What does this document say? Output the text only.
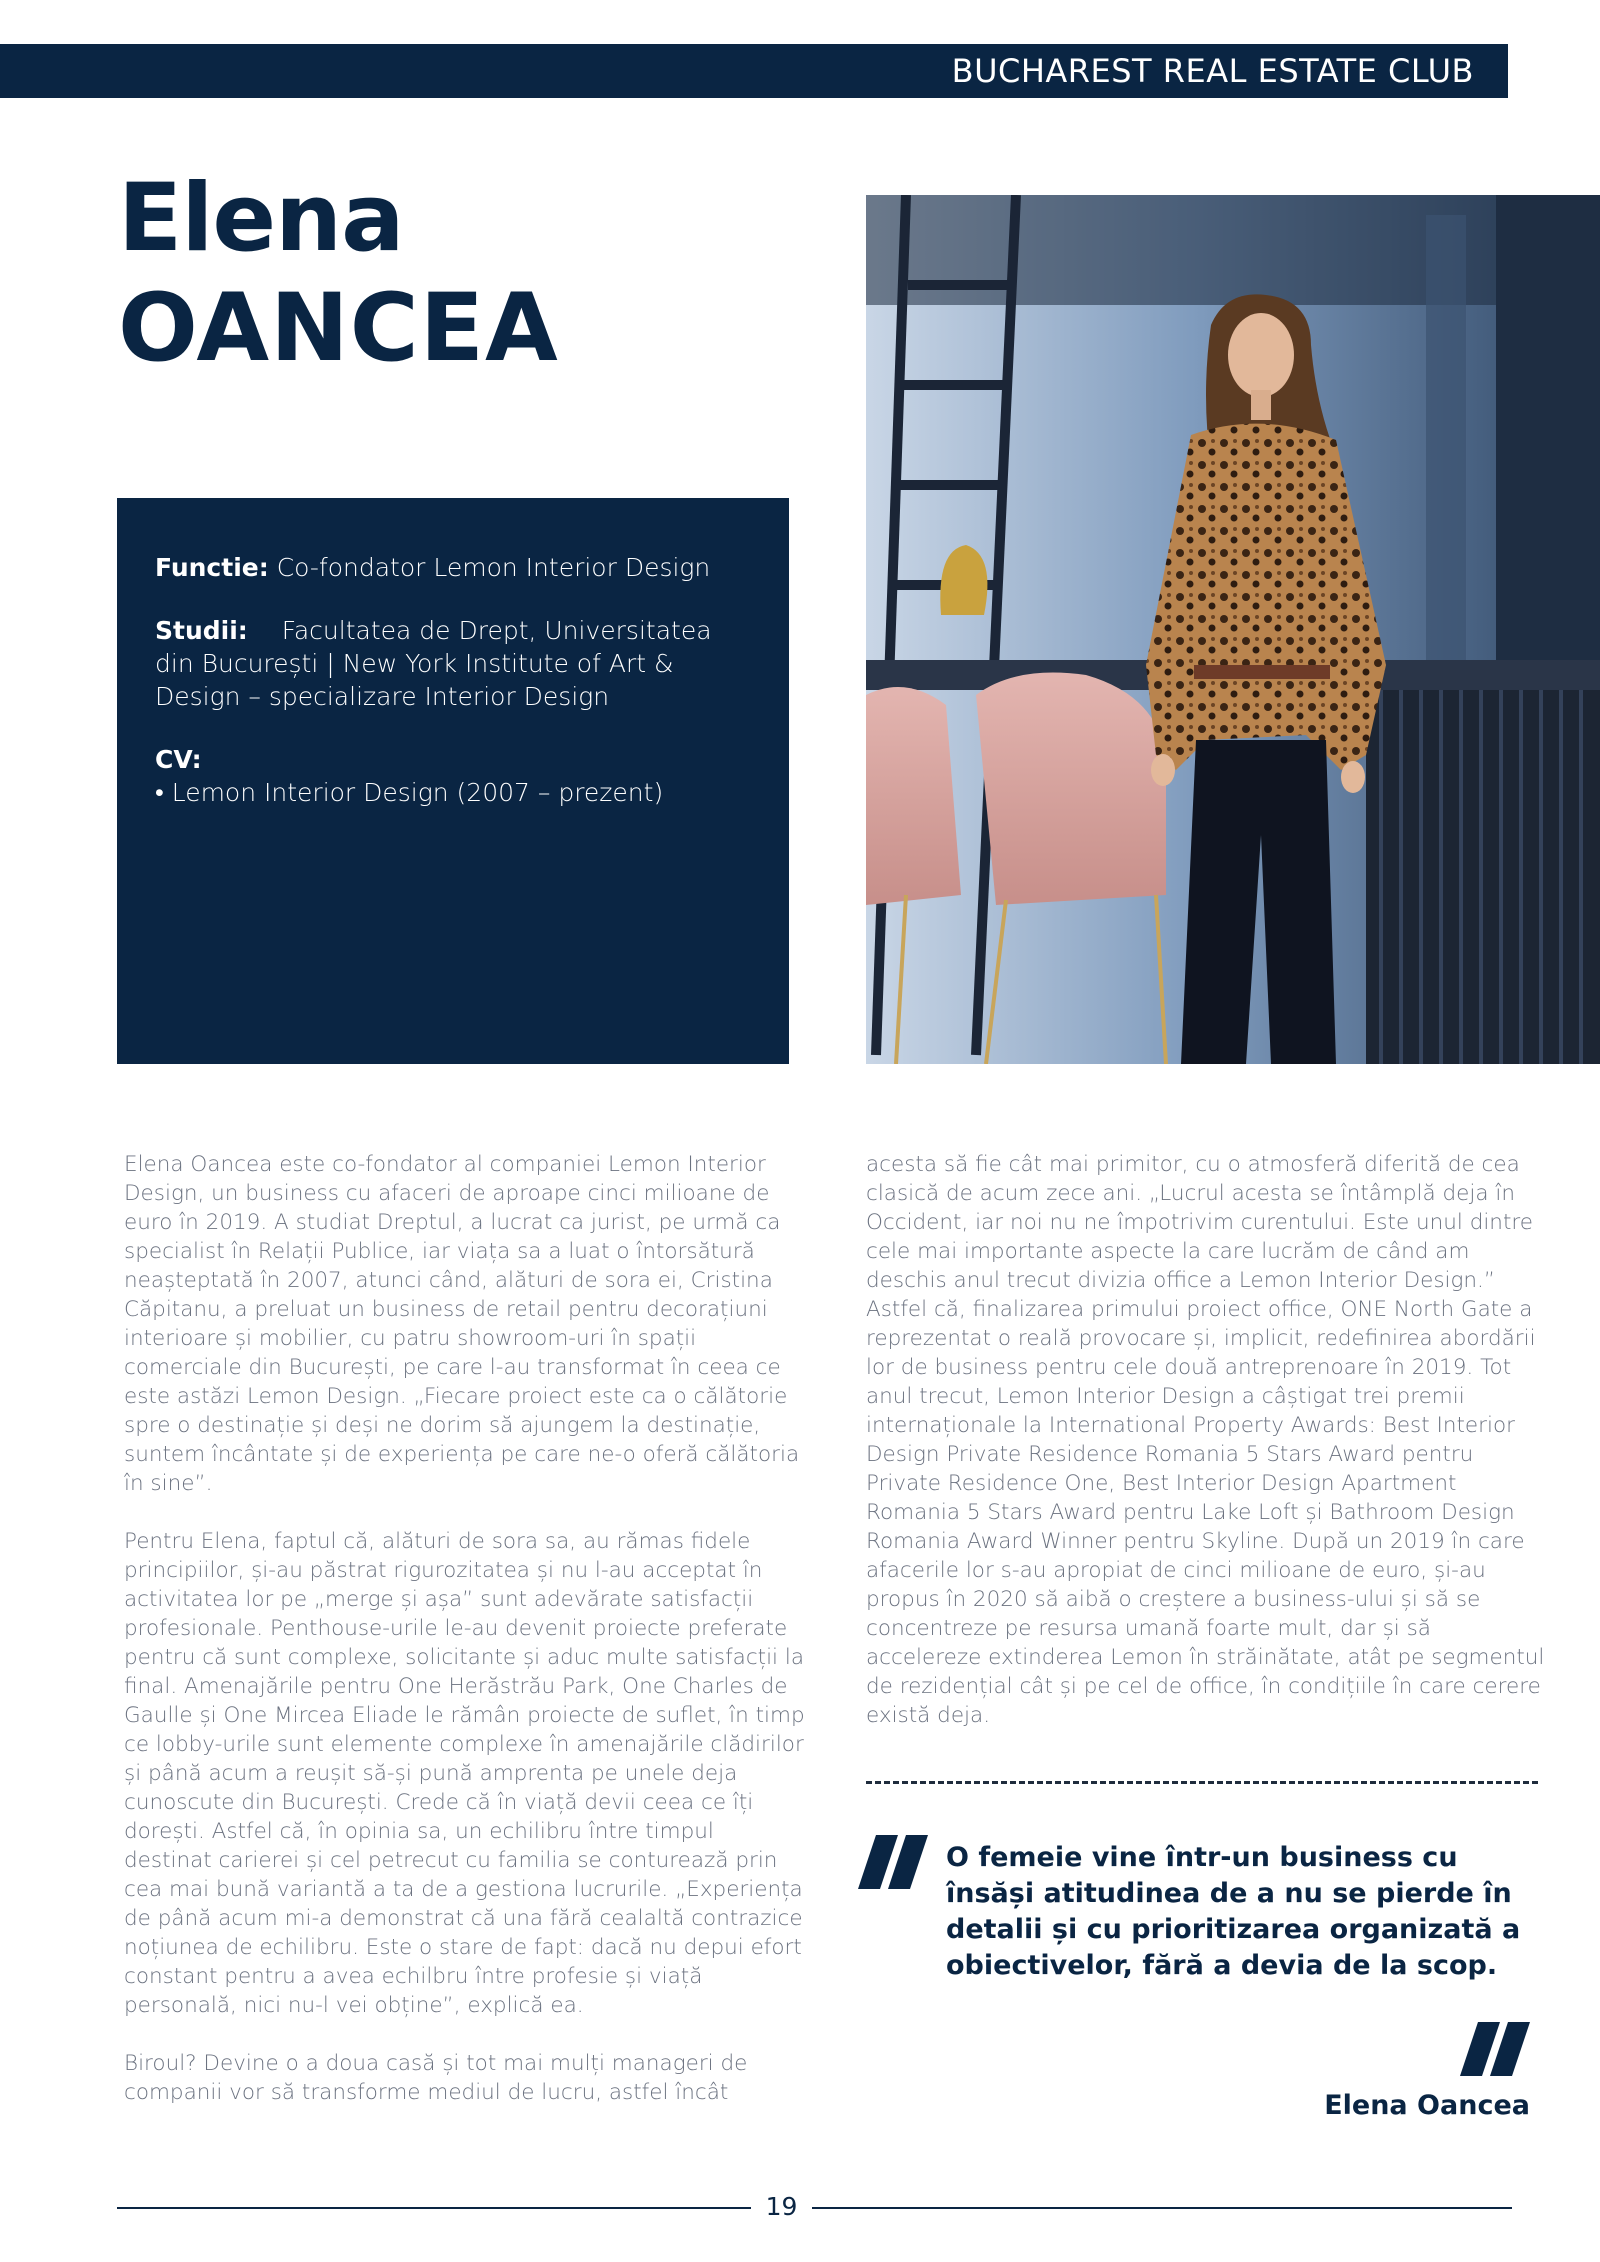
BUCHAREST REAL ESTATE CLUB
Elena
OANCEA
Functie: Co-fondator Lemon Interior Design
Studii: Facultatea de Drept, Universitatea din București | New York Institute of Art & Design – specializare Interior Design
CV:
• Lemon Interior Design (2007 – prezent)

Elena Oancea este co-fondator al companiei Lemon Interior Design, un business cu afaceri de aproape cinci milioane de euro în 2019. A studiat Dreptul, a lucrat ca jurist, pe urmă ca specialist în Relații Publice, iar viața sa a luat o întorsătură neașteptată în 2007, atunci când, alături de sora ei, Cristina Căpitanu, a preluat un business de retail pentru decorațiuni interioare și mobilier, cu patru showroom-uri în spații comerciale din București, pe care l-au transformat în ceea ce este astăzi Lemon Design. „Fiecare proiect este ca o călătorie spre o destinație și deși ne dorim să ajungem la destinație, suntem încântate și de experiența pe care ne-o oferă călătoria în sine”.

Pentru Elena, faptul că, alături de sora sa, au rămas fidele principiilor, și-au păstrat rigurozitatea și nu l-au acceptat în activitatea lor pe „merge și așa” sunt adevărate satisfacții profesionale. Penthouse-urile le-au devenit proiecte preferate pentru că sunt complexe, solicitante și aduc multe satisfacții la final. Amenajările pentru One Herăstrău Park, One Charles de Gaulle și One Mircea Eliade le rămân proiecte de suflet, în timp ce lobby-urile sunt elemente complexe în amenajările clădirilor și până acum a reușit să-și pună amprenta pe unele deja cunoscute din București. Crede că în viață devii ceea ce îți dorești. Astfel că, în opinia sa, un echilibru între timpul destinat carierei și cel petrecut cu familia se conturează prin cea mai bună variantă a ta de a gestiona lucrurile. „Experiența de până acum mi-a demonstrat că una fără cealaltă contrazice noțiunea de echilibru. Este o stare de fapt: dacă nu depui efort constant pentru a avea echilbru între profesie și viață personală, nici nu-l vei obține”, explică ea.

Biroul? Devine o a doua casă și tot mai mulți manageri de companii vor să transforme mediul de lucru, astfel încât

acesta să fie cât mai primitor, cu o atmosferă diferită de cea clasică de acum zece ani. „Lucrul acesta se întâmplă deja în Occident, iar noi nu ne împotrivim curentului. Este unul dintre cele mai importante aspecte la care lucrăm de când am deschis anul trecut divizia office a Lemon Interior Design.” Astfel că, finalizarea primului proiect office, ONE North Gate a reprezentat o reală provocare și, implicit, redefinirea abordării lor de business pentru cele două antreprenoare în 2019. Tot anul trecut, Lemon Interior Design a câștigat trei premii internaționale la International Property Awards: Best Interior Design Private Residence Romania 5 Stars Award pentru Private Residence One, Best Interior Design Apartment Romania 5 Stars Award pentru Lake Loft și Bathroom Design Romania Award Winner pentru Skyline. După un 2019 în care afacerile lor s-au apropiat de cinci milioane de euro, și-au propus în 2020 să aibă o creștere a business-ului și să se concentreze pe resursa umană foarte mult, dar și să accelereze extinderea Lemon în străinătate, atât pe segmentul de rezidențial cât și pe cel de office, în condițiile în care cerere există deja.

O femeie vine într-un business cu însăși atitudinea de a nu se pierde în detalii și cu prioritizarea organizată a obiectivelor, fără a devia de la scop.

Elena Oancea

19
